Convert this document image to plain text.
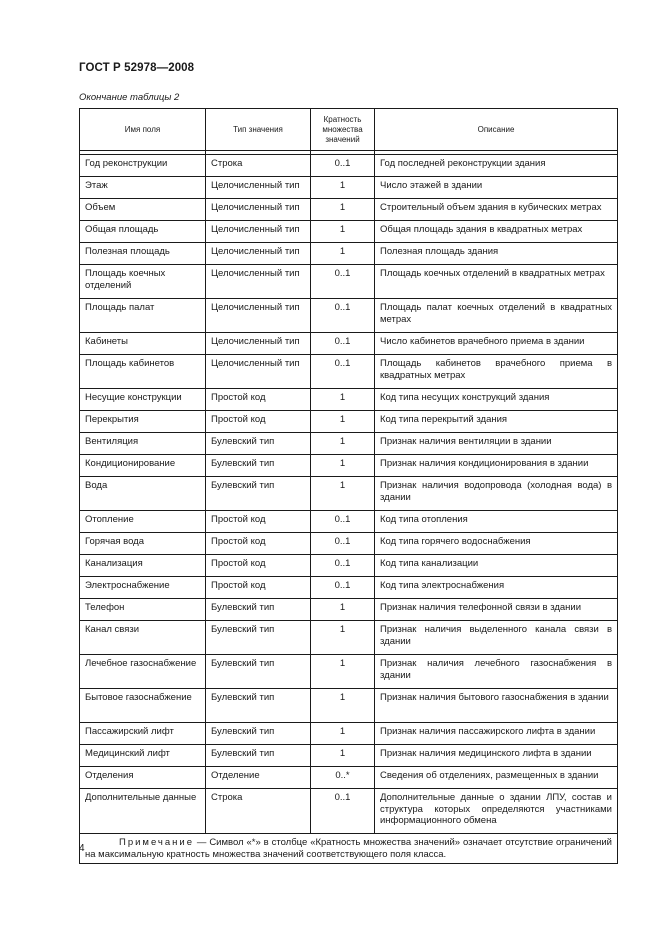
ГОСТ Р 52978—2008
Окончание таблицы 2
Имя поля	Тип значения	Кратность множества значений	Описание

Год реконструкции	Строка	0..1	Год последней реконструкции здания
Этаж	Целочисленный тип	1	Число этажей в здании
Объем	Целочисленный тип	1	Строительный объем здания в кубических метрах
Общая площадь	Целочисленный тип	1	Общая площадь здания в квадратных метрах
Полезная площадь	Целочисленный тип	1	Полезная площадь здания
Площадь коечных отделений	Целочисленный тип	0..1	Площадь коечных отделений в квадратных метрах
Площадь палат	Целочисленный тип	0..1	Площадь палат коечных отделений в квадратных метрах
Кабинеты	Целочисленный тип	0..1	Число кабинетов врачебного приема в здании
Площадь кабинетов	Целочисленный тип	0..1	Площадь кабинетов врачебного приема в квадратных метрах
Несущие конструкции	Простой код	1	Код типа несущих конструкций здания
Перекрытия	Простой код	1	Код типа перекрытий здания
Вентиляция	Булевский тип	1	Признак наличия вентиляции в здании
Кондиционирование	Булевский тип	1	Признак наличия кондиционирования в здании
Вода	Булевский тип	1	Признак наличия водопровода (холодная вода) в здании
Отопление	Простой код	0..1	Код типа отопления
Горячая вода	Простой код	0..1	Код типа горячего водоснабжения
Канализация	Простой код	0..1	Код типа канализации
Электроснабжение	Простой код	0..1	Код типа электроснабжения
Телефон	Булевский тип	1	Признак наличия телефонной связи в здании
Канал связи	Булевский тип	1	Признак наличия выделенного канала связи в здании
Лечебное газоснабжение	Булевский тип	1	Признак наличия лечебного газоснабжения в здании
Бытовое газоснабжение	Булевский тип	1	Признак наличия бытового газоснабжения в здании
Пассажирский лифт	Булевский тип	1	Признак наличия пассажирского лифта в здании
Медицинский лифт	Булевский тип	1	Признак наличия медицинского лифта в здании
Отделения	Отделение	0..*	Сведения об отделениях, размещенных в здании
Дополнительные данные	Строка	0..1	Дополнительные данные о здании ЛПУ, состав и структура которых определяются участниками информационного обмена

Примечание — Символ «*» в столбце «Кратность множества значений» означает отсутствие ограничений на максимальную кратность множества значений соответствующего поля класса.			
4
